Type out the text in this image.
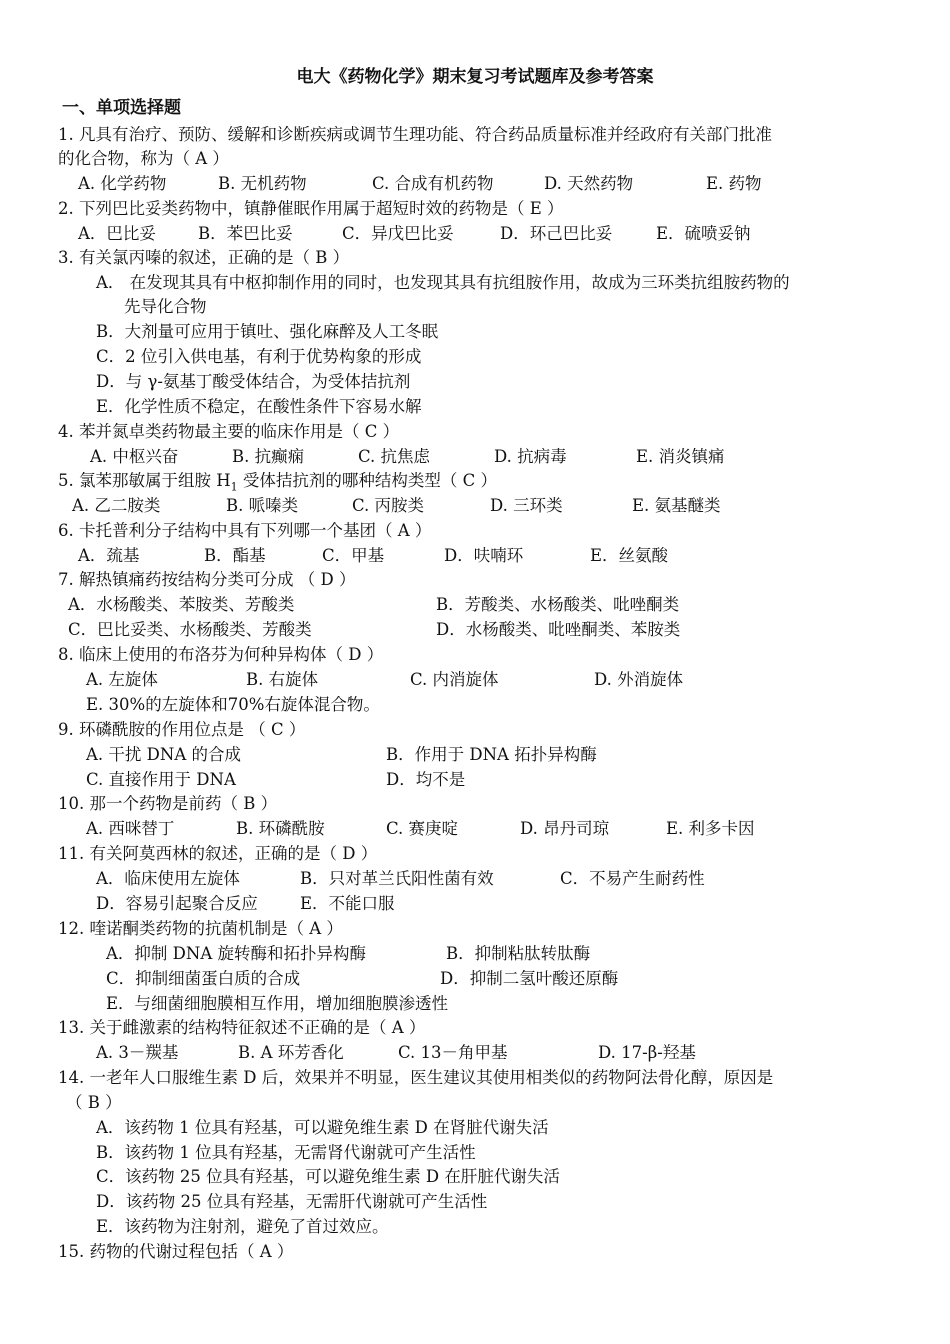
电大《药物化学》期末复习考试题库及参考答案
一、单项选择题
1. 凡具有治疗、预防、缓解和诊断疾病或调节生理功能、符合药品质量标准并经政府有关部门批准
的化合物，称为（ A ）
A. 化学药物	B. 无机药物	C. 合成有机药物	D. 天然药物	E. 药物
2. 下列巴比妥类药物中，镇静催眠作用属于超短时效的药物是（ E ）
A．巴比妥	B．苯巴比妥	C．异戊巴比妥	D．环己巴比妥	E．硫喷妥钠
3. 有关氯丙嗪的叙述，正确的是（ B ）
A． 在发现其具有中枢抑制作用的同时，也发现其具有抗组胺作用，故成为三环类抗组胺药物的
先导化合物
B．大剂量可应用于镇吐、强化麻醉及人工冬眠
C．2 位引入供电基，有利于优势构象的形成
D．与 γ-氨基丁酸受体结合，为受体拮抗剂
E．化学性质不稳定，在酸性条件下容易水解
4. 苯并氮卓类药物最主要的临床作用是（ C ）
A. 中枢兴奋	B. 抗癫痫	C. 抗焦虑	D. 抗病毒	E. 消炎镇痛
5. 氯苯那敏属于组胺 $H_1$ 受体拮抗剂的哪种结构类型（ C ）
A. 乙二胺类	B. 哌嗪类	C. 丙胺类	D. 三环类	E. 氨基醚类
6. 卡托普利分子结构中具有下列哪一个基团（ A ）
A．巯基	B．酯基	C．甲基	D．呋喃环	E．丝氨酸
7. 解热镇痛药按结构分类可分成 （ D ）
A．水杨酸类、苯胺类、芳酸类	B．芳酸类、水杨酸类、吡唑酮类
C．巴比妥类、水杨酸类、芳酸类	D．水杨酸类、吡唑酮类、苯胺类
8. 临床上使用的布洛芬为何种异构体（ D ）
A. 左旋体	B. 右旋体	C. 内消旋体	D. 外消旋体
E. 30%的左旋体和70%右旋体混合物。
9. 环磷酰胺的作用位点是 （ C ）
A. 干扰 DNA 的合成	B．作用于 DNA 拓扑异构酶
C. 直接作用于 DNA	D．均不是
10. 那一个药物是前药（ B ）
A. 西咪替丁	B. 环磷酰胺	C. 赛庚啶	D. 昂丹司琼	E. 利多卡因
11. 有关阿莫西林的叙述，正确的是（ D ）
A．临床使用左旋体	B．只对革兰氏阳性菌有效	C．不易产生耐药性
D．容易引起聚合反应	E．不能口服
12. 喹诺酮类药物的抗菌机制是（ A ）
A．抑制 DNA 旋转酶和拓扑异构酶	B．抑制粘肽转肽酶
C．抑制细菌蛋白质的合成	D．抑制二氢叶酸还原酶
E．与细菌细胞膜相互作用，增加细胞膜渗透性
13. 关于雌激素的结构特征叙述不正确的是（ A ）
A. 3－羰基	B. A 环芳香化	C. 13－角甲基	D. 17-β-羟基
14. 一老年人口服维生素 D 后，效果并不明显，医生建议其使用相类似的药物阿法骨化醇，原因是
（ B ）
A．该药物 1 位具有羟基，可以避免维生素 D 在肾脏代谢失活
B．该药物 1 位具有羟基，无需肾代谢就可产生活性
C．该药物 25 位具有羟基，可以避免维生素 D 在肝脏代谢失活
D．该药物 25 位具有羟基，无需肝代谢就可产生活性
E．该药物为注射剂，避免了首过效应。
15. 药物的代谢过程包括（ A ）
